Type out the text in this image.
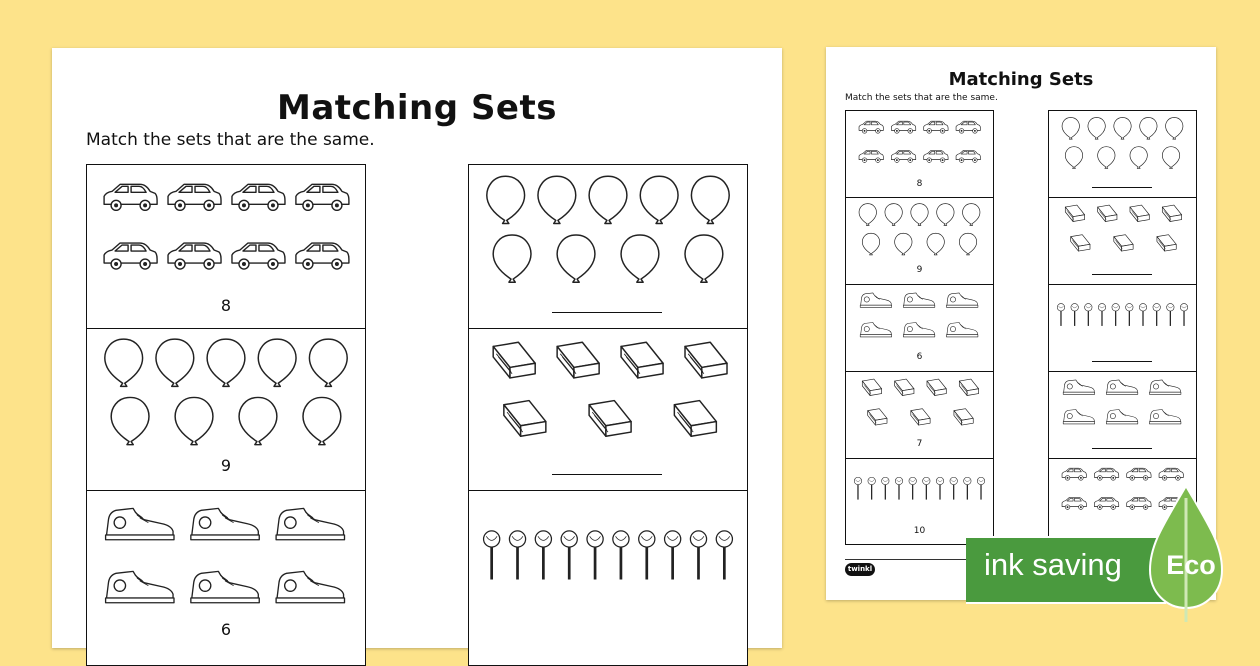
Matching Sets
Match the sets that are the same.
8
9
6
Matching Sets
Match the sets that are the same.
8
9
6
7
10
twinkl	ink saving	Eco
